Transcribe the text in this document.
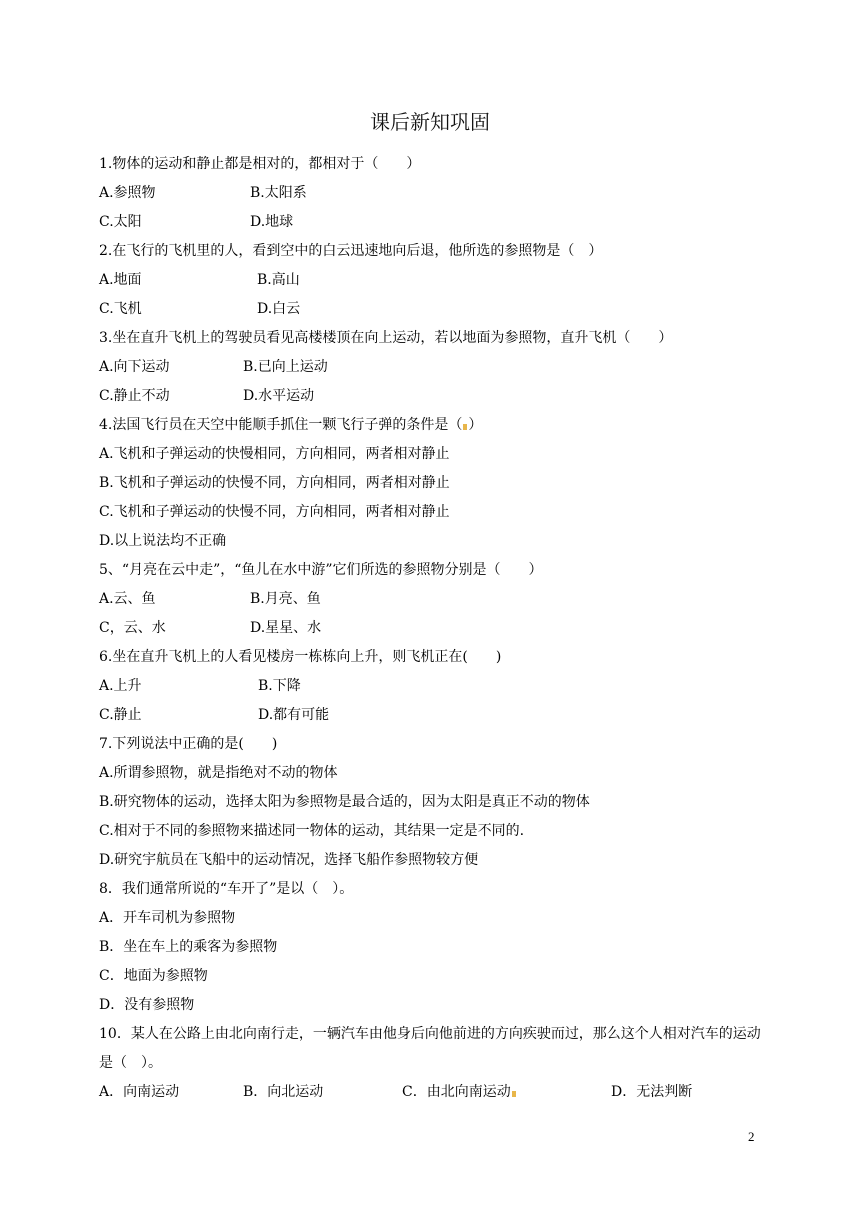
课后新知巩固
1.物体的运动和静止都是相对的，都相对于（　　）
A.参照物	B.太阳系
C.太阳	D.地球
2.在飞行的飞机里的人，看到空中的白云迅速地向后退，他所选的参照物是（　）
A.地面	B.高山
C.飞机	D.白云
3.坐在直升飞机上的驾驶员看见高楼楼顶在向上运动，若以地面为参照物，直升飞机（　　）
A.向下运动	B.已向上运动
C.静止不动	D.水平运动
4.法国飞行员在天空中能顺手抓住一颗飞行子弹的条件是（ ）
A.飞机和子弹运动的快慢相同，方向相同，两者相对静止
B.飞机和子弹运动的快慢不同，方向相同，两者相对静止
C.飞机和子弹运动的快慢不同，方向相同，两者相对静止
D.以上说法均不正确
5、“月亮在云中走”，“鱼儿在水中游”它们所选的参照物分别是（　　）
A.云、鱼	B.月亮、鱼
C，云、水	D.星星、水
6.坐在直升飞机上的人看见楼房一栋栋向上升，则飞机正在(　　)
A.上升	B.下降
C.静止	D.都有可能
7.下列说法中正确的是(　　)
A.所谓参照物，就是指绝对不动的物体
B.研究物体的运动，选择太阳为参照物是最合适的，因为太阳是真正不动的物体
C.相对于不同的参照物来描述同一物体的运动，其结果一定是不同的.
D.研究宇航员在飞船中的运动情况，选择飞船作参照物较方便
8．我们通常所说的“车开了”是以（　）。
A．开车司机为参照物
B．坐在车上的乘客为参照物
C．地面为参照物
D．没有参照物
10．某人在公路上由北向南行走，一辆汽车由他身后向他前进的方向疾驶而过，那么这个人相对汽车的运动是（　）。
A．向南运动	B．向北运动	C．由北向南运动	D．无法判断
2
